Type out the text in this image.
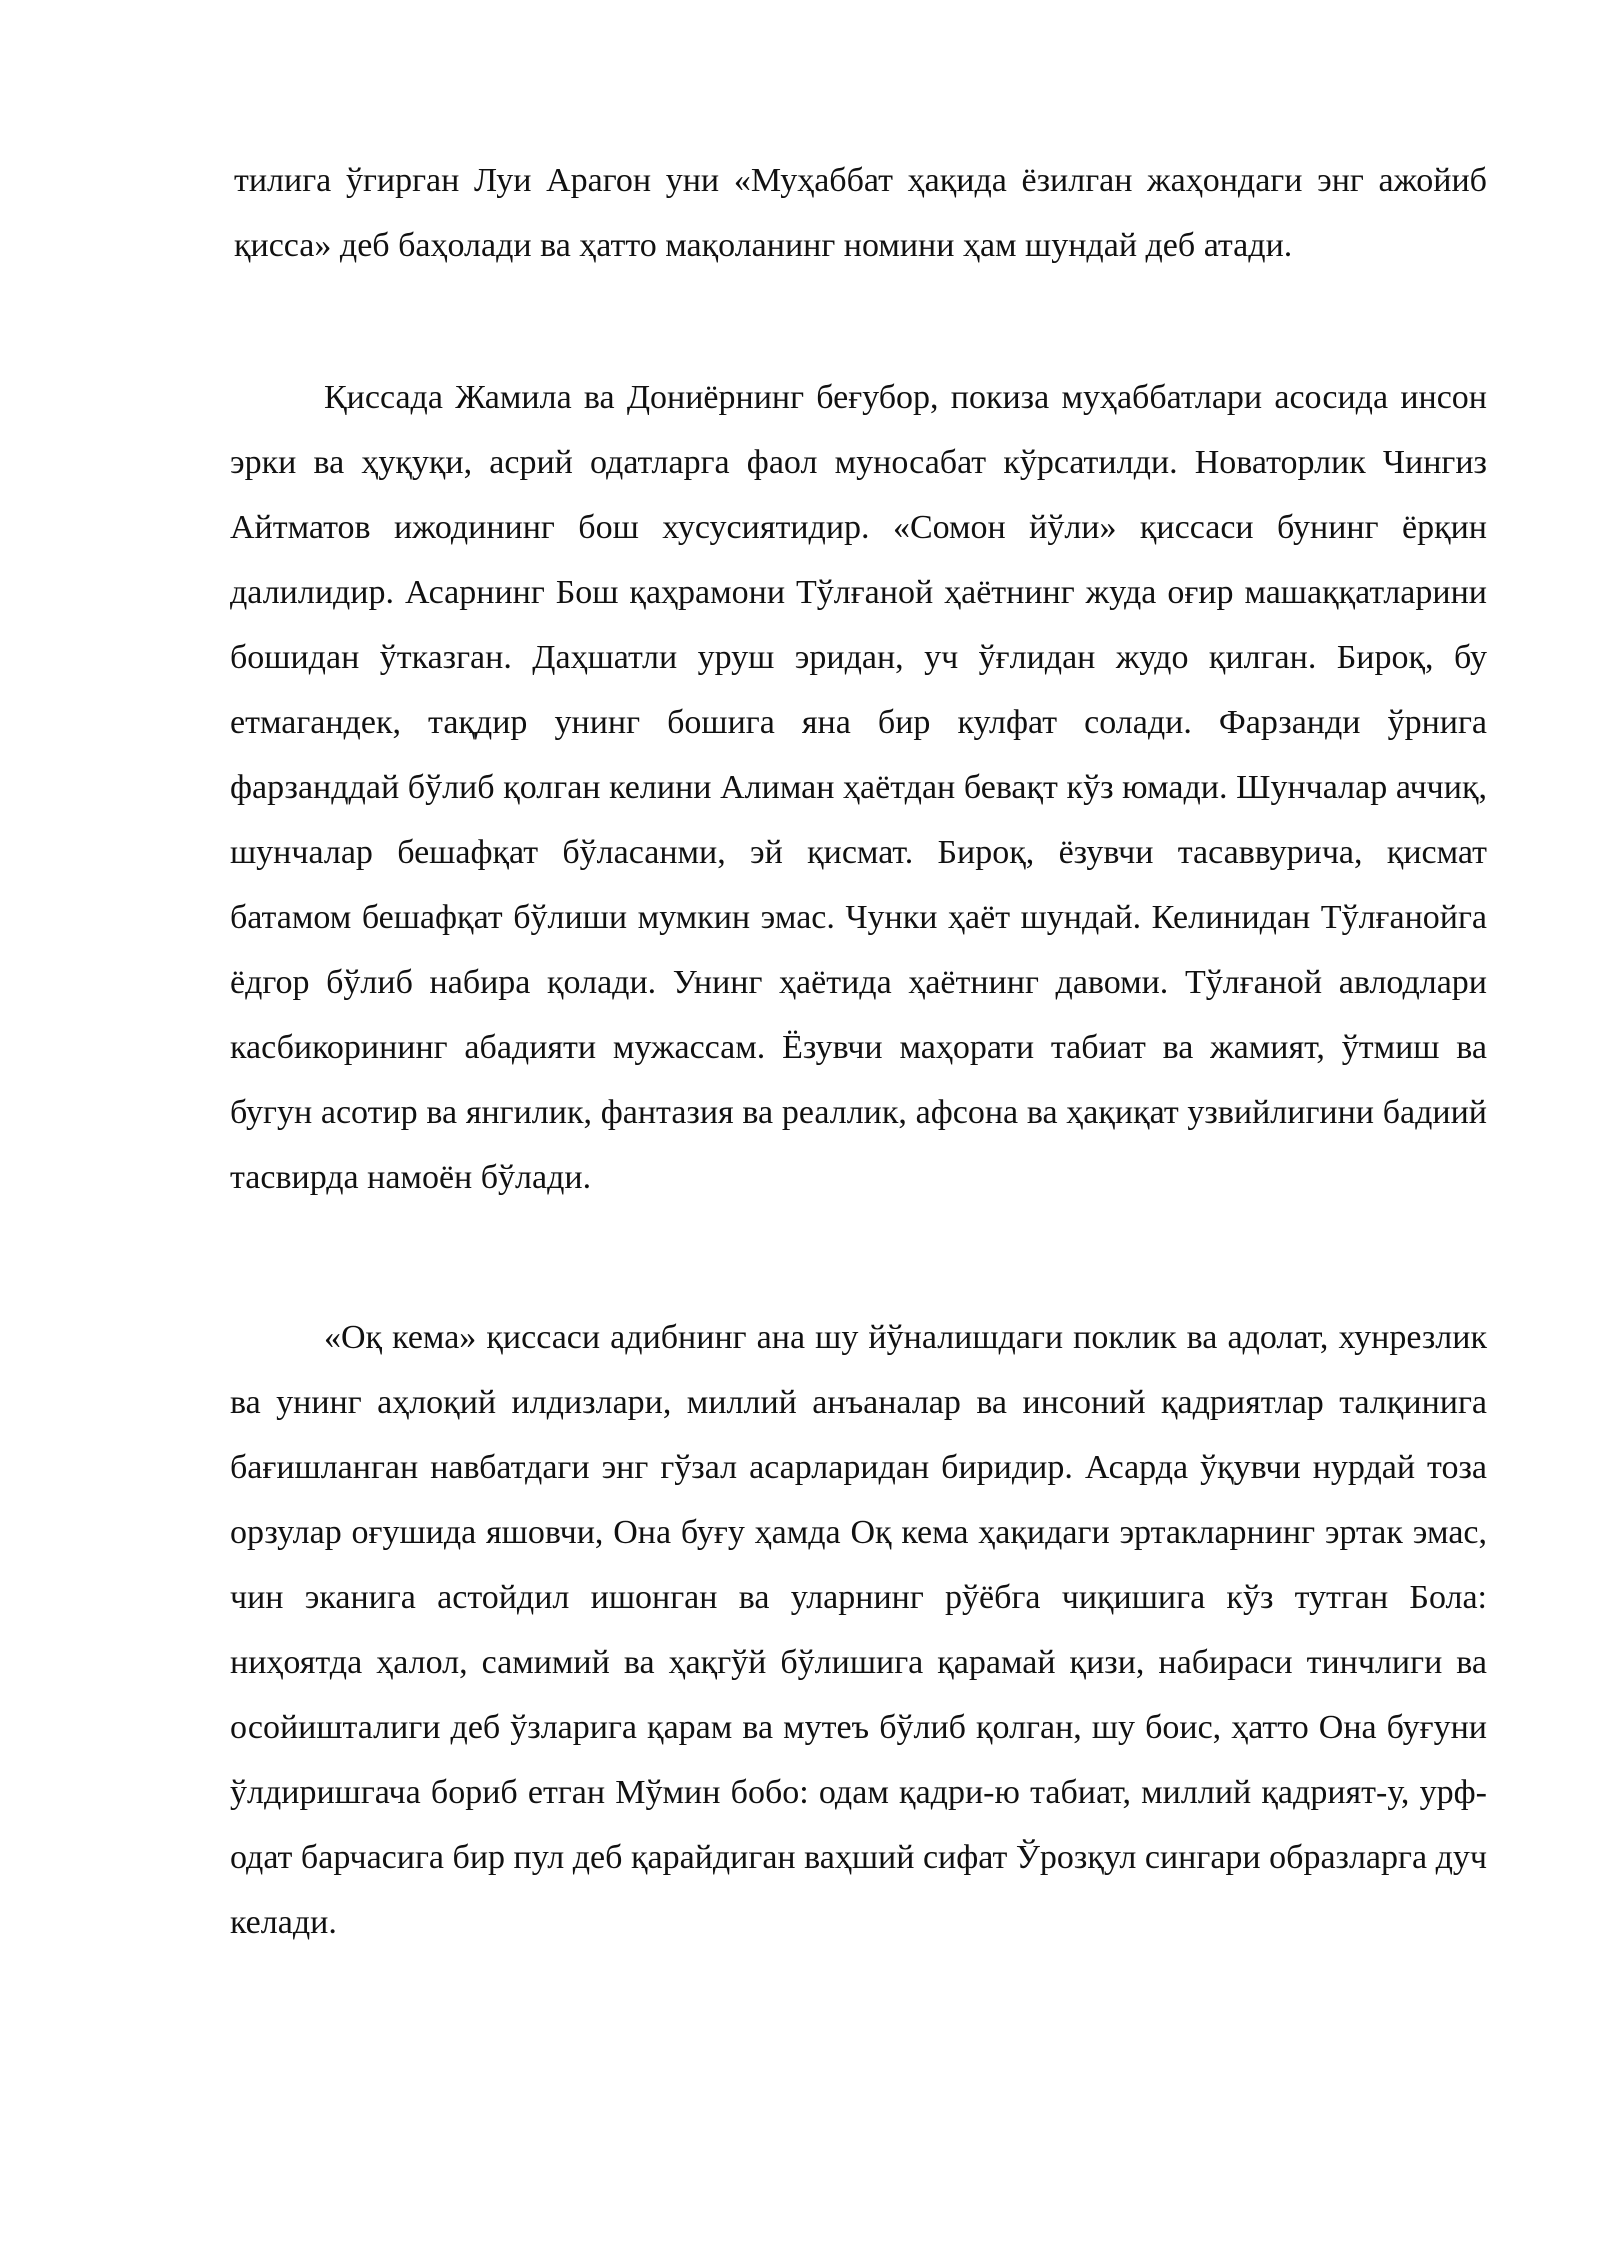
тилига ўгирган Луи Арагон уни «Муҳаббат ҳақида ёзилган жаҳондаги энг ажойиб қисса» деб баҳолади ва ҳатто мақоланинг номини ҳам шундай деб атади.

Қиссада Жамила ва Дониёрнинг беғубор, покиза муҳаббатлари асосида инсон эрки ва ҳуқуқи, асрий одатларга фаол муносабат кўрсатилди. Новаторлик Чингиз Айтматов ижодининг бош хусусиятидир. «Сомон йўли» қиссаси бунинг ёрқин далилидир. Асарнинг Бош қаҳрамони Тўлғаной ҳаётнинг жуда оғир машаққатларини бошидан ўтказган. Даҳшатли уруш эридан, уч ўғлидан жудо қилган. Бироқ, бу етмагандек, тақдир унинг бошига яна бир кулфат солади. Фарзанди ўрнига фарзанддай бўлиб қолган келини Алиман ҳаётдан бевақт кўз юмади. Шунчалар аччиқ, шунчалар бешафқат бўласанми, эй қисмат. Бироқ, ёзувчи тасаввурича, қисмат батамом бешафқат бўлиши мумкин эмас. Чунки ҳаёт шундай. Келинидан Тўлғанойга ёдгор бўлиб набира қолади. Унинг ҳаётида ҳаётнинг давоми. Тўлғаной авлодлари касбикорининг абадияти мужассам. Ёзувчи маҳорати табиат ва жамият, ўтмиш ва бугун асотир ва янгилик, фантазия ва реаллик, афсона ва ҳақиқат узвийлигини бадиий тасвирда намоён бўлади.

«Оқ кема» қиссаси адибнинг ана шу йўналишдаги поклик ва адолат, хунрезлик ва унинг аҳлоқий илдизлари, миллий анъаналар ва инсоний қадриятлар талқинига бағишланган навбатдаги энг гўзал асарларидан биридир. Асарда ўқувчи нурдай тоза орзулар оғушида яшовчи, Она буғу ҳамда Оқ кема ҳақидаги эртакларнинг эртак эмас, чин эканига астойдил ишонган ва уларнинг рўёбга чиқишига кўз тутган Бола: ниҳоятда ҳалол, самимий ва ҳақгўй бўлишига қарамай қизи, набираси тинчлиги ва осойишталиги деб ўзларига қарам ва мутеъ бўлиб қолган, шу боис, ҳатто Она буғуни ўлдиришгача бориб етган Мўмин бобо: одам қадри-ю табиат, миллий қадрият-у, урф-одат барчасига бир пул деб қарайдиган ваҳший сифат Ўрозқул сингари образларга дуч келади.
